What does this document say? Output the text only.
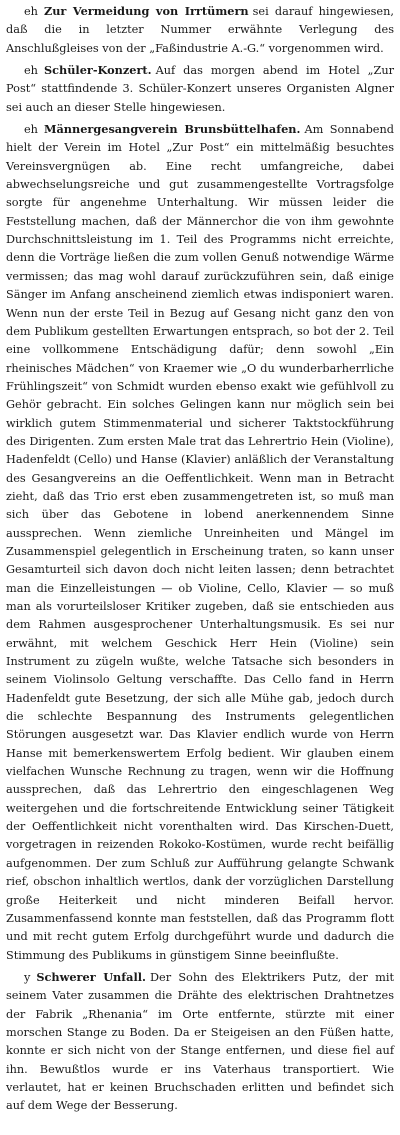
eh Zur Vermeidung von Irrtümern sei darauf hingewiesen, daß die in letzter Nummer erwähnte Verlegung des Anschlußgleises von der „Faßindustrie A.-G.“ vorgenommen wird.

eh Schüler-Konzert. Auf das morgen abend im Hotel „Zur Post“ stattfindende 3. Schüler-Konzert unseres Organisten Algner sei auch an dieser Stelle hingewiesen.

eh Männergesangverein Brunsbüttelhafen. Am Sonnabend hielt der Verein im Hotel „Zur Post“ ein mittelmäßig besuchtes Vereinsvergnügen ab. Eine recht umfangreiche, dabei abwechselungsreiche und gut zusammengestellte Vortragsfolge sorgte für angenehme Unterhaltung. Wir müssen leider die Feststellung machen, daß der Männerchor die von ihm gewohnte Durchschnittsleistung im 1. Teil des Programms nicht erreichte, denn die Vorträge ließen die zum vollen Genuß notwendige Wärme vermissen; das mag wohl darauf zurückzuführen sein, daß einige Sänger im Anfang anscheinend ziemlich etwas indisponiert waren. Wenn nun der erste Teil in Bezug auf Gesang nicht ganz den von dem Publikum gestellten Erwartungen entsprach, so bot der 2. Teil eine vollkommene Entschädigung dafür; denn sowohl „Ein rheinisches Mädchen“ von Kraemer wie „O du wunderbarherrliche Frühlingszeit“ von Schmidt wurden ebenso exakt wie gefühlvoll zu Gehör gebracht. Ein solches Gelingen kann nur möglich sein bei wirklich gutem Stimmenmaterial und sicherer Taktstockführung des Dirigenten. Zum ersten Male trat das Lehrertrio Hein (Violine), Hadenfeldt (Cello) und Hanse (Klavier) anläßlich der Veranstaltung des Gesangvereins an die Oeffentlichkeit. Wenn man in Betracht zieht, daß das Trio erst eben zusammengetreten ist, so muß man sich über das Gebotene in lobend anerkennendem Sinne aussprechen. Wenn ziemliche Unreinheiten und Mängel im Zusammenspiel gelegentlich in Erscheinung traten, so kann unser Gesamturteil sich davon doch nicht leiten lassen; denn betrachtet man die Einzelleistungen — ob Violine, Cello, Klavier — so muß man als vorurteilsloser Kritiker zugeben, daß sie entschieden aus dem Rahmen ausgesprochener Unterhaltungsmusik. Es sei nur erwähnt, mit welchem Geschick Herr Hein (Violine) sein Instrument zu zügeln wußte, welche Tatsache sich besonders in seinem Violinsolo Geltung verschaffte. Das Cello fand in Herrn Hadenfeldt gute Besetzung, der sich alle Mühe gab, jedoch durch die schlechte Bespannung des Instruments gelegentlichen Störungen ausgesetzt war. Das Klavier endlich wurde von Herrn Hanse mit bemerkenswertem Erfolg bedient. Wir glauben einem vielfachen Wunsche Rechnung zu tragen, wenn wir die Hoffnung aussprechen, daß das Lehrertrio den eingeschlagenen Weg weitergehen und die fortschreitende Entwicklung seiner Tätigkeit der Oeffentlichkeit nicht vorenthalten wird. Das Kirschen-Duett, vorgetragen in reizenden Rokoko-Kostümen, wurde recht beifällig aufgenommen. Der zum Schluß zur Aufführung gelangte Schwank rief, obschon inhaltlich wertlos, dank der vorzüglichen Darstellung große Heiterkeit und nicht minderen Beifall hervor. Zusammenfassend konnte man feststellen, daß das Programm flott und mit recht gutem Erfolg durchgeführt wurde und dadurch die Stimmung des Publikums in günstigem Sinne beeinflußte.

y Schwerer Unfall. Der Sohn des Elektrikers Putz, der mit seinem Vater zusammen die Drähte des elektrischen Drahtnetzes der Fabrik „Rhenania“ im Orte entfernte, stürzte mit einer morschen Stange zu Boden. Da er Steigeisen an den Füßen hatte, konnte er sich nicht von der Stange entfernen, und diese fiel auf ihn. Bewußtlos wurde er ins Vaterhaus transportiert. Wie verlautet, hat er keinen Bruchschaden erlitten und befindet sich auf dem Wege der Besserung.
